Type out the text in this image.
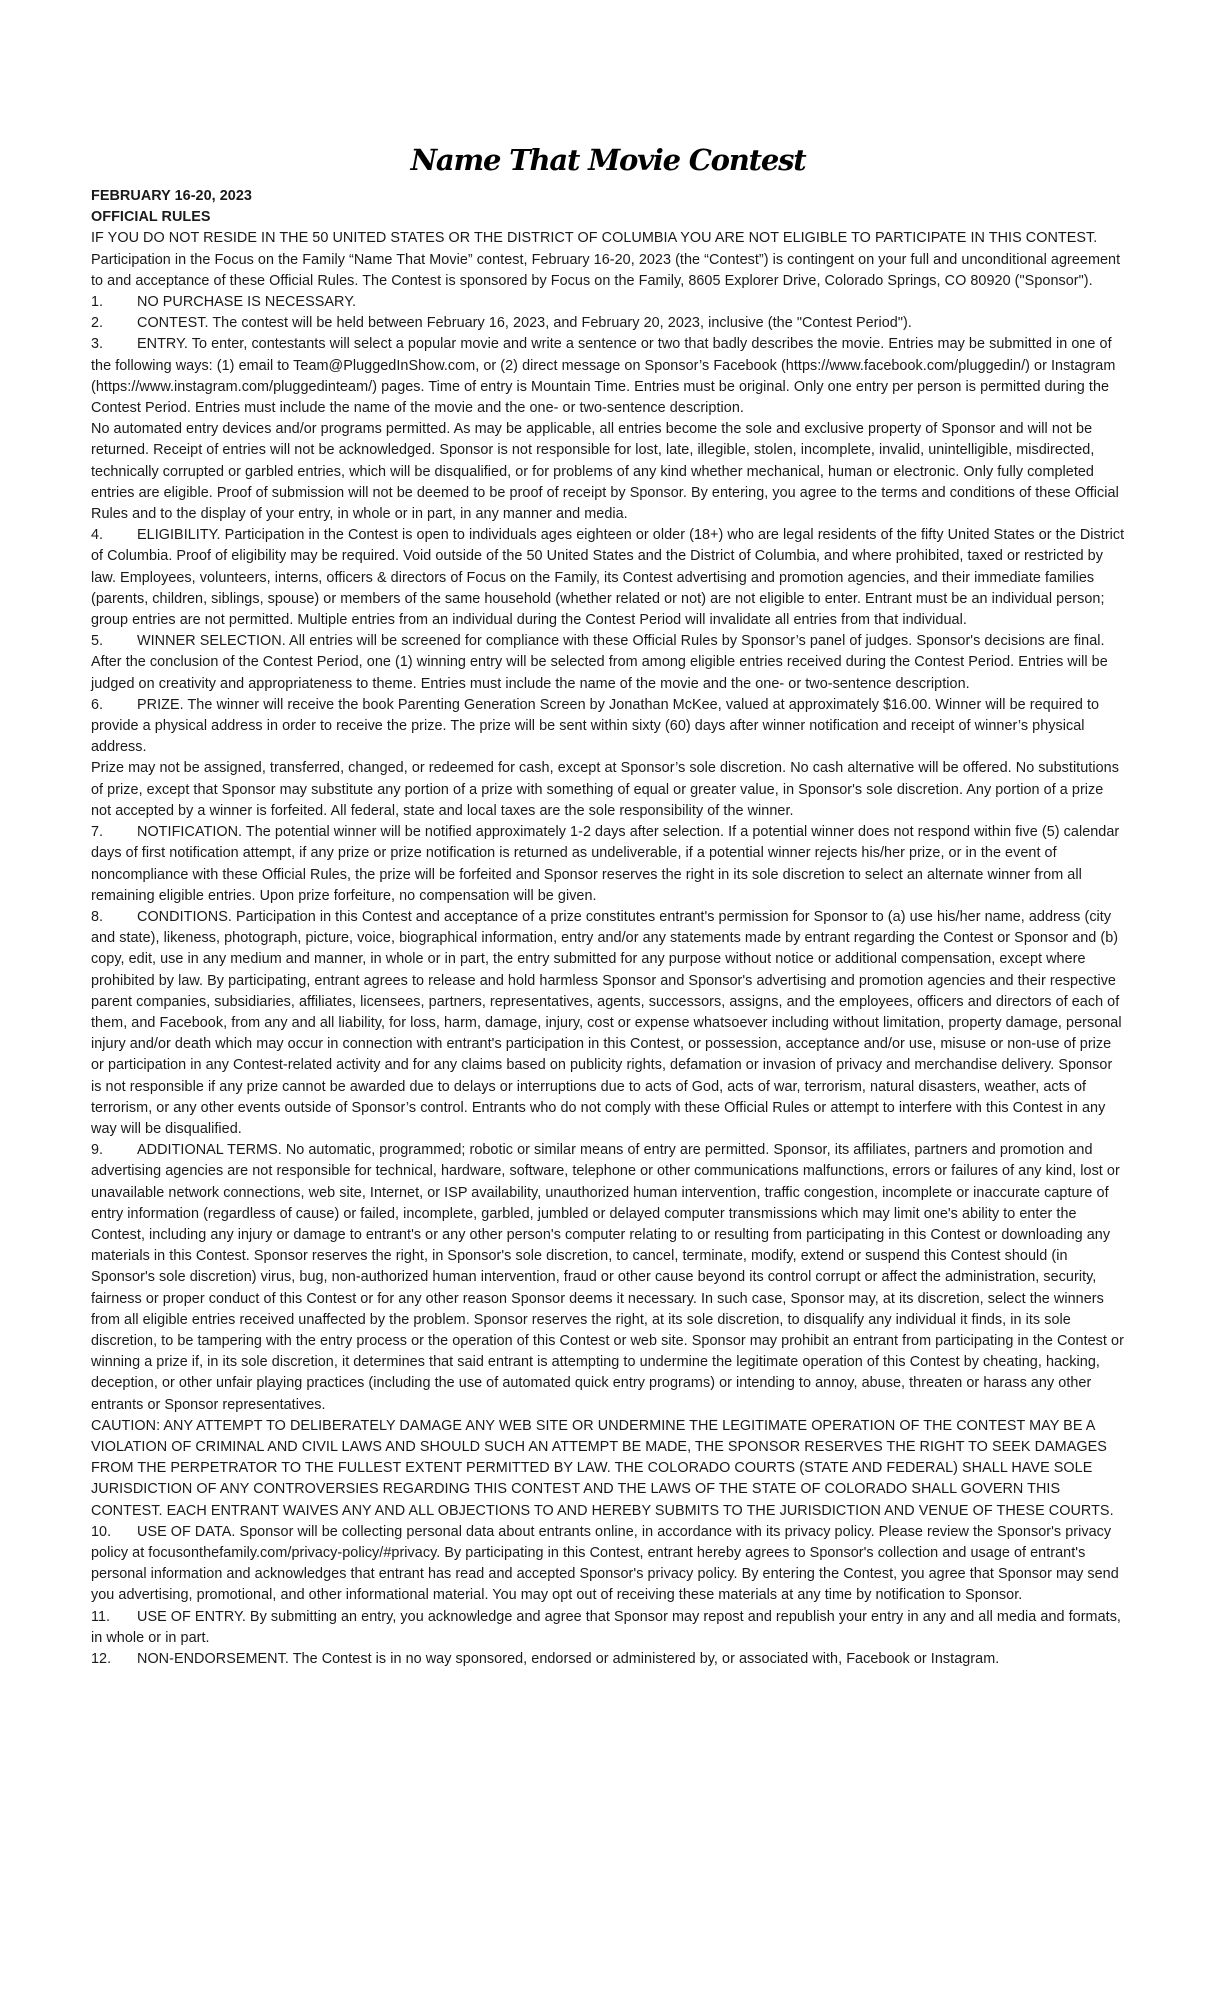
Name That Movie Contest

FEBRUARY 16-20, 2023

OFFICIAL RULES

IF YOU DO NOT RESIDE IN THE 50 UNITED STATES OR THE DISTRICT OF COLUMBIA YOU ARE NOT ELIGIBLE TO PARTICIPATE IN THIS CONTEST.

Participation in the Focus on the Family “Name That Movie” contest, February 16-20, 2023 (the “Contest”) is contingent on your full and unconditional agreement to and acceptance of these Official Rules. The Contest is sponsored by Focus on the Family, 8605 Explorer Drive, Colorado Springs, CO 80920 ("Sponsor").

1. NO PURCHASE IS NECESSARY.

2. CONTEST. The contest will be held between February 16, 2023, and February 20, 2023, inclusive (the "Contest Period").

3. ENTRY. To enter, contestants will select a popular movie and write a sentence or two that badly describes the movie. Entries may be submitted in one of the following ways: (1) email to Team@PluggedInShow.com, or (2) direct message on Sponsor’s Facebook (https://www.facebook.com/pluggedin/) or Instagram (https://www.instagram.com/pluggedinteam/) pages. Time of entry is Mountain Time. Entries must be original. Only one entry per person is permitted during the Contest Period. Entries must include the name of the movie and the one- or two-sentence description.

No automated entry devices and/or programs permitted. As may be applicable, all entries become the sole and exclusive property of Sponsor and will not be returned. Receipt of entries will not be acknowledged. Sponsor is not responsible for lost, late, illegible, stolen, incomplete, invalid, unintelligible, misdirected, technically corrupted or garbled entries, which will be disqualified, or for problems of any kind whether mechanical, human or electronic. Only fully completed entries are eligible. Proof of submission will not be deemed to be proof of receipt by Sponsor. By entering, you agree to the terms and conditions of these Official Rules and to the display of your entry, in whole or in part, in any manner and media.

4. ELIGIBILITY. Participation in the Contest is open to individuals ages eighteen or older (18+) who are legal residents of the fifty United States or the District of Columbia. Proof of eligibility may be required. Void outside of the 50 United States and the District of Columbia, and where prohibited, taxed or restricted by law. Employees, volunteers, interns, officers & directors of Focus on the Family, its Contest advertising and promotion agencies, and their immediate families (parents, children, siblings, spouse) or members of the same household (whether related or not) are not eligible to enter. Entrant must be an individual person; group entries are not permitted. Multiple entries from an individual during the Contest Period will invalidate all entries from that individual.

5. WINNER SELECTION. All entries will be screened for compliance with these Official Rules by Sponsor’s panel of judges. Sponsor's decisions are final. After the conclusion of the Contest Period, one (1) winning entry will be selected from among eligible entries received during the Contest Period. Entries will be judged on creativity and appropriateness to theme. Entries must include the name of the movie and the one- or two-sentence description.

6. PRIZE. The winner will receive the book Parenting Generation Screen by Jonathan McKee, valued at approximately $16.00. Winner will be required to provide a physical address in order to receive the prize. The prize will be sent within sixty (60) days after winner notification and receipt of winner’s physical address.

Prize may not be assigned, transferred, changed, or redeemed for cash, except at Sponsor’s sole discretion. No cash alternative will be offered. No substitutions of prize, except that Sponsor may substitute any portion of a prize with something of equal or greater value, in Sponsor's sole discretion. Any portion of a prize not accepted by a winner is forfeited. All federal, state and local taxes are the sole responsibility of the winner.

7. NOTIFICATION. The potential winner will be notified approximately 1-2 days after selection. If a potential winner does not respond within five (5) calendar days of first notification attempt, if any prize or prize notification is returned as undeliverable, if a potential winner rejects his/her prize, or in the event of noncompliance with these Official Rules, the prize will be forfeited and Sponsor reserves the right in its sole discretion to select an alternate winner from all remaining eligible entries. Upon prize forfeiture, no compensation will be given.

8. CONDITIONS. Participation in this Contest and acceptance of a prize constitutes entrant's permission for Sponsor to (a) use his/her name, address (city and state), likeness, photograph, picture, voice, biographical information, entry and/or any statements made by entrant regarding the Contest or Sponsor and (b) copy, edit, use in any medium and manner, in whole or in part, the entry submitted for any purpose without notice or additional compensation, except where prohibited by law. By participating, entrant agrees to release and hold harmless Sponsor and Sponsor's advertising and promotion agencies and their respective parent companies, subsidiaries, affiliates, licensees, partners, representatives, agents, successors, assigns, and the employees, officers and directors of each of them, and Facebook, from any and all liability, for loss, harm, damage, injury, cost or expense whatsoever including without limitation, property damage, personal injury and/or death which may occur in connection with entrant's participation in this Contest, or possession, acceptance and/or use, misuse or non-use of prize or participation in any Contest-related activity and for any claims based on publicity rights, defamation or invasion of privacy and merchandise delivery. Sponsor is not responsible if any prize cannot be awarded due to delays or interruptions due to acts of God, acts of war, terrorism, natural disasters, weather, acts of terrorism, or any other events outside of Sponsor’s control. Entrants who do not comply with these Official Rules or attempt to interfere with this Contest in any way will be disqualified.

9. ADDITIONAL TERMS. No automatic, programmed; robotic or similar means of entry are permitted. Sponsor, its affiliates, partners and promotion and advertising agencies are not responsible for technical, hardware, software, telephone or other communications malfunctions, errors or failures of any kind, lost or unavailable network connections, web site, Internet, or ISP availability, unauthorized human intervention, traffic congestion, incomplete or inaccurate capture of entry information (regardless of cause) or failed, incomplete, garbled, jumbled or delayed computer transmissions which may limit one's ability to enter the Contest, including any injury or damage to entrant's or any other person's computer relating to or resulting from participating in this Contest or downloading any materials in this Contest. Sponsor reserves the right, in Sponsor's sole discretion, to cancel, terminate, modify, extend or suspend this Contest should (in Sponsor's sole discretion) virus, bug, non-authorized human intervention, fraud or other cause beyond its control corrupt or affect the administration, security, fairness or proper conduct of this Contest or for any other reason Sponsor deems it necessary. In such case, Sponsor may, at its discretion, select the winners from all eligible entries received unaffected by the problem. Sponsor reserves the right, at its sole discretion, to disqualify any individual it finds, in its sole discretion, to be tampering with the entry process or the operation of this Contest or web site. Sponsor may prohibit an entrant from participating in the Contest or winning a prize if, in its sole discretion, it determines that said entrant is attempting to undermine the legitimate operation of this Contest by cheating, hacking, deception, or other unfair playing practices (including the use of automated quick entry programs) or intending to annoy, abuse, threaten or harass any other entrants or Sponsor representatives.

CAUTION: ANY ATTEMPT TO DELIBERATELY DAMAGE ANY WEB SITE OR UNDERMINE THE LEGITIMATE OPERATION OF THE CONTEST MAY BE A VIOLATION OF CRIMINAL AND CIVIL LAWS AND SHOULD SUCH AN ATTEMPT BE MADE, THE SPONSOR RESERVES THE RIGHT TO SEEK DAMAGES FROM THE PERPETRATOR TO THE FULLEST EXTENT PERMITTED BY LAW. THE COLORADO COURTS (STATE AND FEDERAL) SHALL HAVE SOLE JURISDICTION OF ANY CONTROVERSIES REGARDING THIS CONTEST AND THE LAWS OF THE STATE OF COLORADO SHALL GOVERN THIS CONTEST. EACH ENTRANT WAIVES ANY AND ALL OBJECTIONS TO AND HEREBY SUBMITS TO THE JURISDICTION AND VENUE OF THESE COURTS.

10. USE OF DATA. Sponsor will be collecting personal data about entrants online, in accordance with its privacy policy. Please review the Sponsor's privacy policy at focusonthefamily.com/privacy-policy/#privacy. By participating in this Contest, entrant hereby agrees to Sponsor's collection and usage of entrant's personal information and acknowledges that entrant has read and accepted Sponsor's privacy policy. By entering the Contest, you agree that Sponsor may send you advertising, promotional, and other informational material. You may opt out of receiving these materials at any time by notification to Sponsor.

11. USE OF ENTRY. By submitting an entry, you acknowledge and agree that Sponsor may repost and republish your entry in any and all media and formats, in whole or in part.

12. NON-ENDORSEMENT. The Contest is in no way sponsored, endorsed or administered by, or associated with, Facebook or Instagram.
